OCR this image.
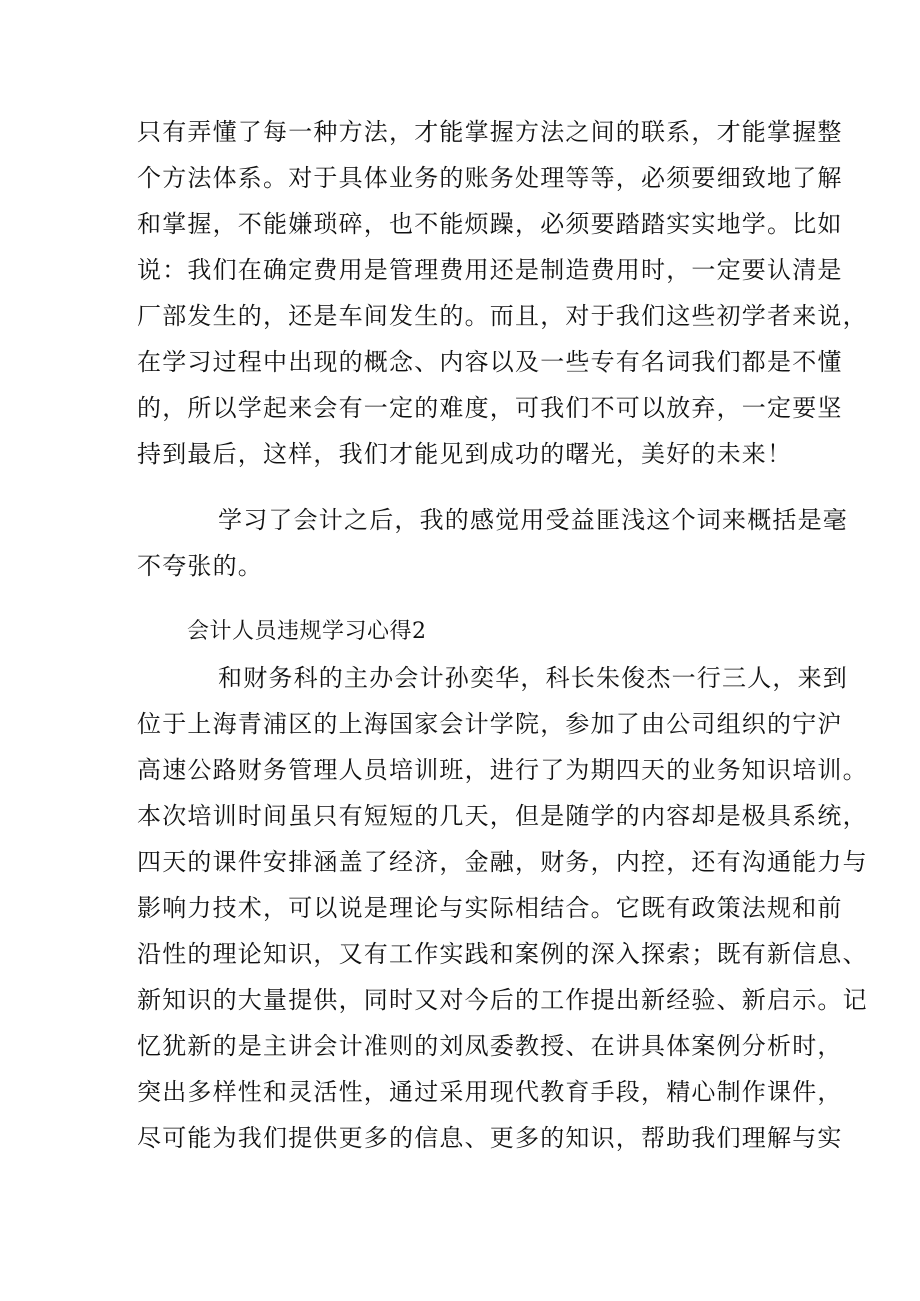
只有弄懂了每一种方法，才能掌握方法之间的联系，才能掌握整
个方法体系。对于具体业务的账务处理等等，必须要细致地了解
和掌握，不能嫌琐碎，也不能烦躁，必须要踏踏实实地学。比如
说：我们在确定费用是管理费用还是制造费用时，一定要认清是
厂部发生的，还是车间发生的。而且，对于我们这些初学者来说，
在学习过程中出现的概念、内容以及一些专有名词我们都是不懂
的，所以学起来会有一定的难度，可我们不可以放弃，一定要坚
持到最后，这样，我们才能见到成功的曙光，美好的未来！
学习了会计之后，我的感觉用受益匪浅这个词来概括是毫
不夸张的。
会计人员违规学习心得2
和财务科的主办会计孙奕华，科长朱俊杰一行三人，来到
位于上海青浦区的上海国家会计学院，参加了由公司组织的宁沪
高速公路财务管理人员培训班，进行了为期四天的业务知识培训。
本次培训时间虽只有短短的几天，但是随学的内容却是极具系统，
四天的课件安排涵盖了经济，金融，财务，内控，还有沟通能力与
影响力技术，可以说是理论与实际相结合。它既有政策法规和前
沿性的理论知识，又有工作实践和案例的深入探索；既有新信息、
新知识的大量提供，同时又对今后的工作提出新经验、新启示。记
忆犹新的是主讲会计准则的刘凤委教授、在讲具体案例分析时，
突出多样性和灵活性，通过采用现代教育手段，精心制作课件，
尽可能为我们提供更多的信息、更多的知识，帮助我们理解与实
